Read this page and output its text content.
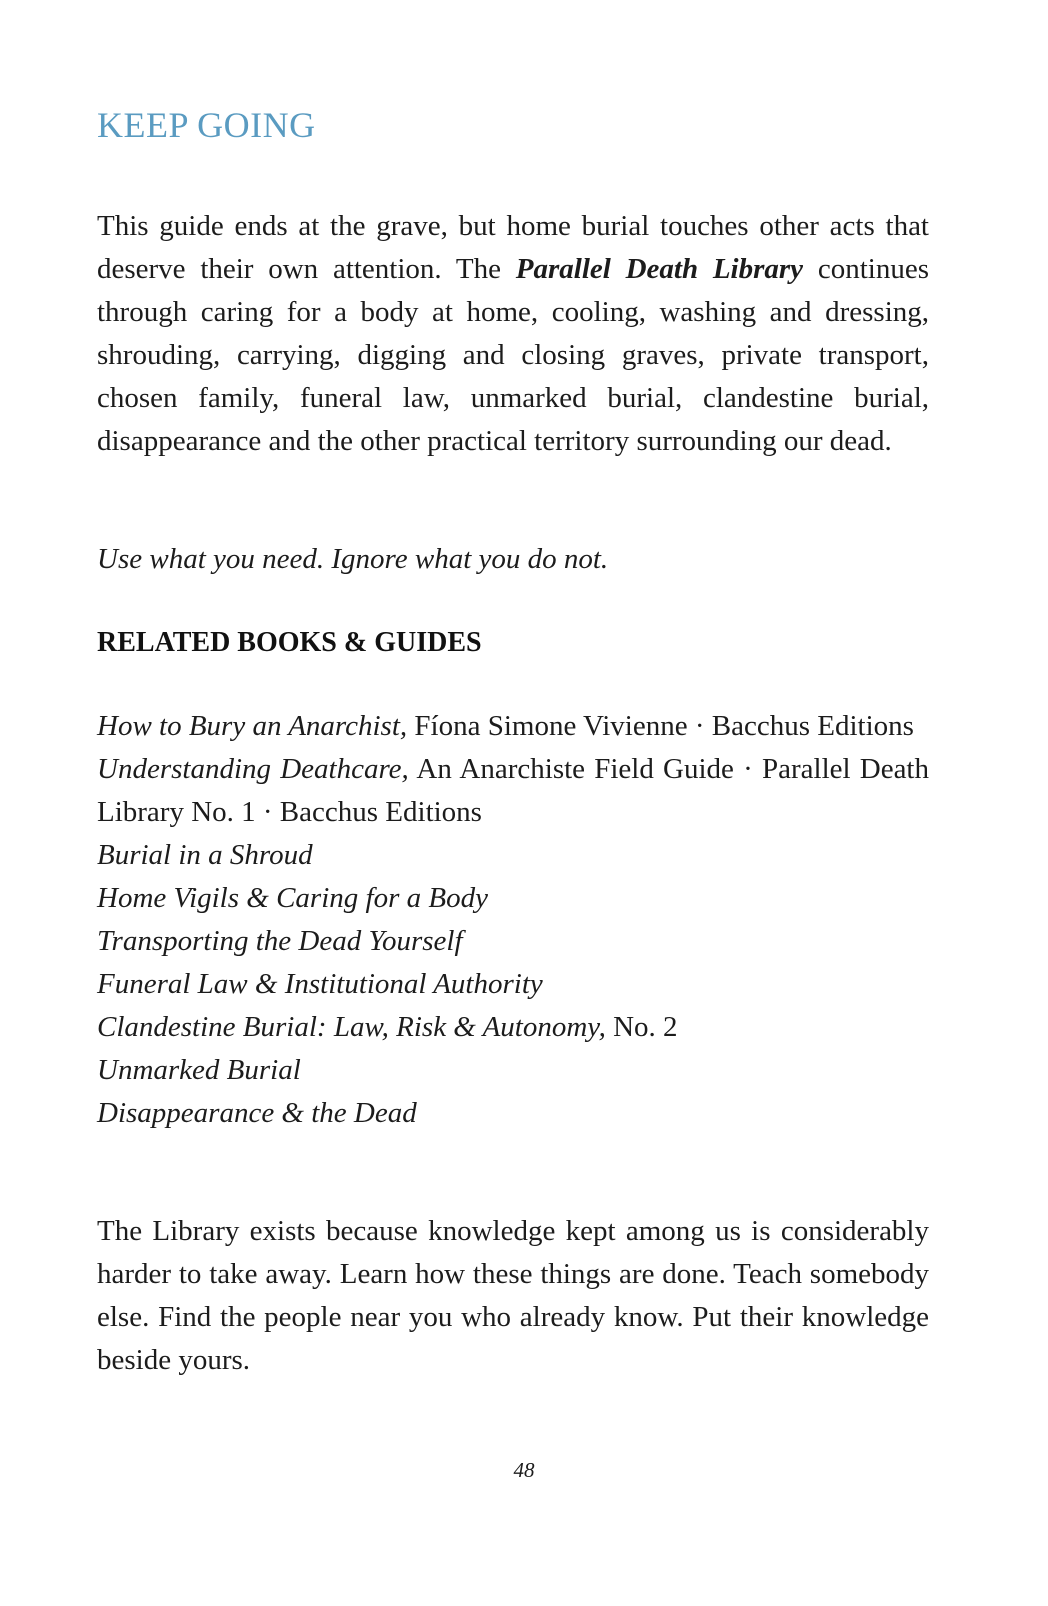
KEEP GOING

This guide ends at the grave, but home burial touches other acts that deserve their own attention. The Parallel Death Library continues through caring for a body at home, cooling, washing and dressing, shrouding, carrying, digging and closing graves, private transport, chosen family, funeral law, unmarked burial, clandestine burial, disappearance and the other practical territory surrounding our dead.

Use what you need. Ignore what you do not.

RELATED BOOKS & GUIDES

How to Bury an Anarchist, Fíona Simone Vivienne · Bacchus Editions

Understanding Deathcare, An Anarchiste Field Guide · Parallel Death Library No. 1 · Bacchus Editions

Burial in a Shroud

Home Vigils & Caring for a Body

Transporting the Dead Yourself

Funeral Law & Institutional Authority

Clandestine Burial: Law, Risk & Autonomy, No. 2

Unmarked Burial

Disappearance & the Dead

The Library exists because knowledge kept among us is considerably harder to take away. Learn how these things are done. Teach somebody else. Find the people near you who already know. Put their knowledge beside yours.

48
